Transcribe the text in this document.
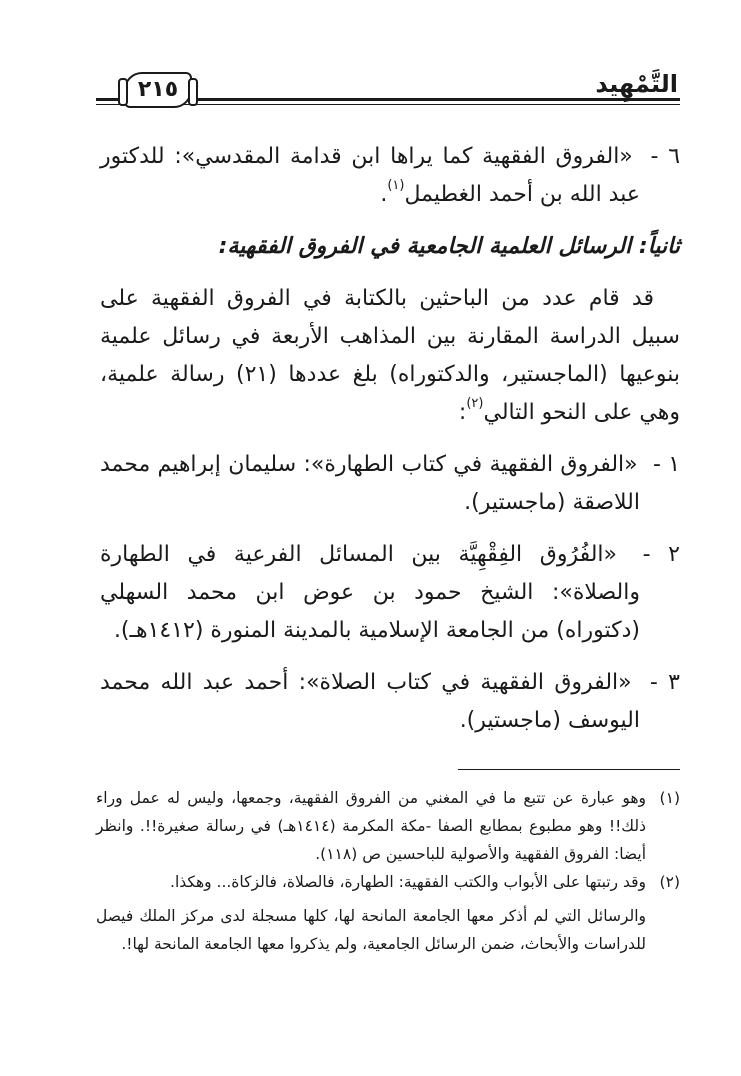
التَّمْهِيد
٢١٥

٦ - «الفروق الفقهية كما يراها ابن قدامة المقدسي»: للدكتور عبد الله بن أحمد الغطيمل$^{(١)}$.

ثانياً: الرسائل العلمية الجامعية في الفروق الفقهية:

قد قام عدد من الباحثين بالكتابة في الفروق الفقهية على سبيل الدراسة المقارنة بين المذاهب الأربعة في رسائل علمية بنوعيها (الماجستير، والدكتوراه) بلغ عددها (٢١) رسالة علمية، وهي على النحو التالي$^{(٢)}$:

١ - «الفروق الفقهية في كتاب الطهارة»: سليمان إبراهيم محمد اللاصقة (ماجستير).

٢ - «الفُرُوق الفِقْهِيَّة بين المسائل الفرعية في الطهارة والصلاة»: الشيخ حمود بن عوض ابن محمد السهلي (دكتوراه) من الجامعة الإسلامية بالمدينة المنورة (١٤١٢هـ).

٣ - «الفروق الفقهية في كتاب الصلاة»: أحمد عبد الله محمد اليوسف (ماجستير).

(١)
وهو عبارة عن تتبع ما في المغني من الفروق الفقهية، وجمعها، وليس له عمل وراء ذلك!! وهو مطبوع بمطابع الصفا -مكة المكرمة (١٤١٤هـ) في رسالة صغيرة!!. وانظر أيضا: الفروق الفقهية والأصولية للباحسين ص (١١٨).

(٢)
وقد رتبتها على الأبواب والكتب الفقهية: الطهارة، فالصلاة، فالزكاة... وهكذا.

والرسائل التي لم أذكر معها الجامعة المانحة لها، كلها مسجلة لدى مركز الملك فيصل للدراسات والأبحاث، ضمن الرسائل الجامعية، ولم يذكروا معها الجامعة المانحة لها!.
